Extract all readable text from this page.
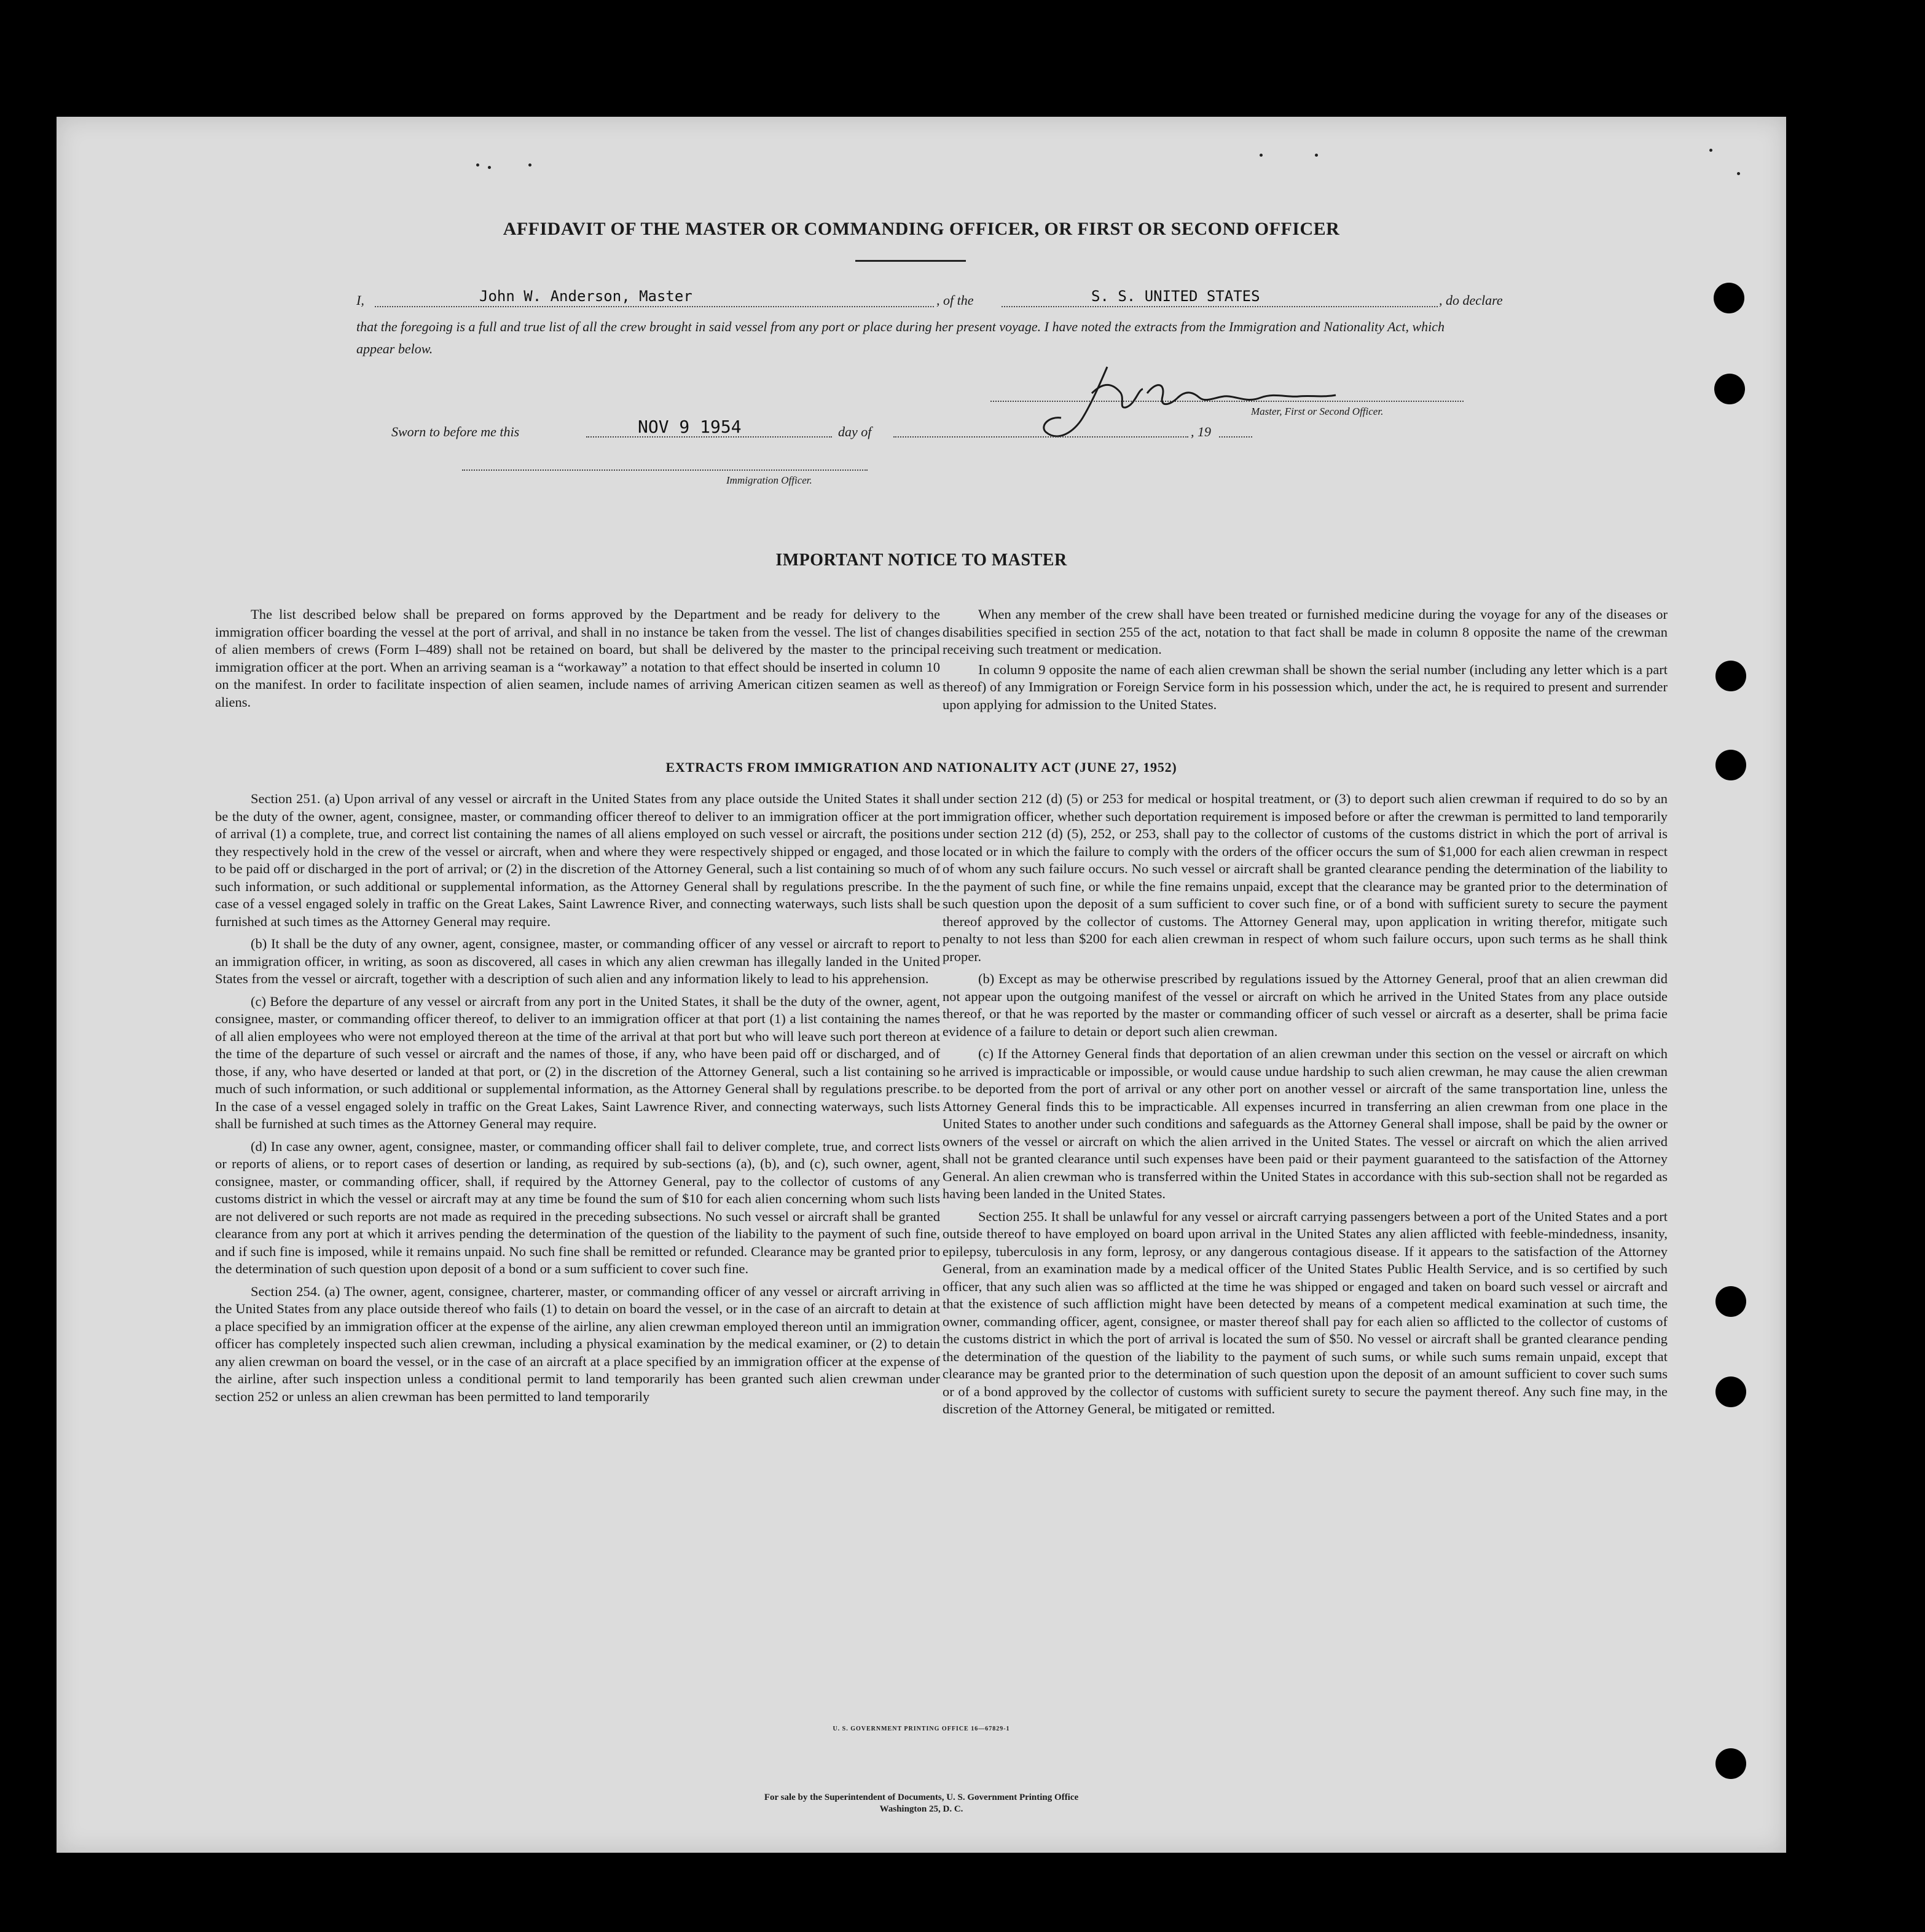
AFFIDAVIT OF THE MASTER OR COMMANDING OFFICER, OR FIRST OR SECOND OFFICER
I,	John W. Anderson, Master	, of the	S. S. UNITED STATES	, do declare
that the foregoing is a full and true list of all the crew brought in said vessel from any port or place during her present voyage. I have noted the extracts from the Immigration and Nationality Act, which appear below.
Master, First or Second Officer.
Sworn to before me this	NOV 9 1954	day of	, 19
Immigration Officer.
IMPORTANT NOTICE TO MASTER

The list described below shall be prepared on forms approved by the Department and be ready for delivery to the immigration officer boarding the vessel at the port of arrival, and shall in no instance be taken from the vessel. The list of changes of alien members of crews (Form I–489) shall not be retained on board, but shall be delivered by the master to the principal immigration officer at the port. When an arriving seaman is a “workaway” a notation to that effect should be inserted in column 10 on the manifest. In order to facilitate inspection of alien seamen, include names of arriving American citizen seamen as well as aliens.

When any member of the crew shall have been treated or furnished medicine during the voyage for any of the diseases or disabilities specified in section 255 of the act, notation to that fact shall be made in column 8 opposite the name of the crewman receiving such treatment or medication.

In column 9 opposite the name of each alien crewman shall be shown the serial number (including any letter which is a part thereof) of any Immigration or Foreign Service form in his possession which, under the act, he is required to present and surrender upon applying for admission to the United States.

EXTRACTS FROM IMMIGRATION AND NATIONALITY ACT (JUNE 27, 1952)

Section 251. (a) Upon arrival of any vessel or aircraft in the United States from any place outside the United States it shall be the duty of the owner, agent, consignee, master, or commanding officer thereof to deliver to an immigration officer at the port of arrival (1) a complete, true, and correct list containing the names of all aliens employed on such vessel or aircraft, the positions they respectively hold in the crew of the vessel or aircraft, when and where they were respectively shipped or engaged, and those to be paid off or discharged in the port of arrival; or (2) in the discretion of the Attorney General, such a list containing so much of such information, or such additional or supplemental information, as the Attorney General shall by regulations prescribe. In the case of a vessel engaged solely in traffic on the Great Lakes, Saint Lawrence River, and connecting waterways, such lists shall be furnished at such times as the Attorney General may require.

(b) It shall be the duty of any owner, agent, consignee, master, or commanding officer of any vessel or aircraft to report to an immigration officer, in writing, as soon as discovered, all cases in which any alien crewman has illegally landed in the United States from the vessel or aircraft, together with a description of such alien and any information likely to lead to his apprehension.

(c) Before the departure of any vessel or aircraft from any port in the United States, it shall be the duty of the owner, agent, consignee, master, or commanding officer thereof, to deliver to an immigration officer at that port (1) a list containing the names of all alien employees who were not employed thereon at the time of the arrival at that port but who will leave such port thereon at the time of the departure of such vessel or aircraft and the names of those, if any, who have been paid off or discharged, and of those, if any, who have deserted or landed at that port, or (2) in the discretion of the Attorney General, such a list containing so much of such information, or such additional or supplemental information, as the Attorney General shall by regulations prescribe. In the case of a vessel engaged solely in traffic on the Great Lakes, Saint Lawrence River, and connecting waterways, such lists shall be furnished at such times as the Attorney General may require.

(d) In case any owner, agent, consignee, master, or commanding officer shall fail to deliver complete, true, and correct lists or reports of aliens, or to report cases of desertion or landing, as required by sub-sections (a), (b), and (c), such owner, agent, consignee, master, or commanding officer, shall, if required by the Attorney General, pay to the collector of customs of any customs district in which the vessel or aircraft may at any time be found the sum of $10 for each alien concerning whom such lists are not delivered or such reports are not made as required in the preceding subsections. No such vessel or aircraft shall be granted clearance from any port at which it arrives pending the determination of the question of the liability to the payment of such fine, and if such fine is imposed, while it remains unpaid. No such fine shall be remitted or refunded. Clearance may be granted prior to the determination of such question upon deposit of a bond or a sum sufficient to cover such fine.

Section 254. (a) The owner, agent, consignee, charterer, master, or commanding officer of any vessel or aircraft arriving in the United States from any place outside thereof who fails (1) to detain on board the vessel, or in the case of an aircraft to detain at a place specified by an immigration officer at the expense of the airline, any alien crewman employed thereon until an immigration officer has completely inspected such alien crewman, including a physical examination by the medical examiner, or (2) to detain any alien crewman on board the vessel, or in the case of an aircraft at a place specified by an immigration officer at the expense of the airline, after such inspection unless a conditional permit to land temporarily has been granted such alien crewman under section 252 or unless an alien crewman has been permitted to land temporarily

under section 212 (d) (5) or 253 for medical or hospital treatment, or (3) to deport such alien crewman if required to do so by an immigration officer, whether such deportation requirement is imposed before or after the crewman is permitted to land temporarily under section 212 (d) (5), 252, or 253, shall pay to the collector of customs of the customs district in which the port of arrival is located or in which the failure to comply with the orders of the officer occurs the sum of $1,000 for each alien crewman in respect of whom any such failure occurs. No such vessel or aircraft shall be granted clearance pending the determination of the liability to the payment of such fine, or while the fine remains unpaid, except that the clearance may be granted prior to the determination of such question upon the deposit of a sum sufficient to cover such fine, or of a bond with sufficient surety to secure the payment thereof approved by the collector of customs. The Attorney General may, upon application in writing therefor, mitigate such penalty to not less than $200 for each alien crewman in respect of whom such failure occurs, upon such terms as he shall think proper.

(b) Except as may be otherwise prescribed by regulations issued by the Attorney General, proof that an alien crewman did not appear upon the outgoing manifest of the vessel or aircraft on which he arrived in the United States from any place outside thereof, or that he was reported by the master or commanding officer of such vessel or aircraft as a deserter, shall be prima facie evidence of a failure to detain or deport such alien crewman.

(c) If the Attorney General finds that deportation of an alien crewman under this section on the vessel or aircraft on which he arrived is impracticable or impossible, or would cause undue hardship to such alien crewman, he may cause the alien crewman to be deported from the port of arrival or any other port on another vessel or aircraft of the same transportation line, unless the Attorney General finds this to be impracticable. All expenses incurred in transferring an alien crewman from one place in the United States to another under such conditions and safeguards as the Attorney General shall impose, shall be paid by the owner or owners of the vessel or aircraft on which the alien arrived in the United States. The vessel or aircraft on which the alien arrived shall not be granted clearance until such expenses have been paid or their payment guaranteed to the satisfaction of the Attorney General. An alien crewman who is transferred within the United States in accordance with this sub-section shall not be regarded as having been landed in the United States.

Section 255. It shall be unlawful for any vessel or aircraft carrying passengers between a port of the United States and a port outside thereof to have employed on board upon arrival in the United States any alien afflicted with feeble-mindedness, insanity, epilepsy, tuberculosis in any form, leprosy, or any dangerous contagious disease. If it appears to the satisfaction of the Attorney General, from an examination made by a medical officer of the United States Public Health Service, and is so certified by such officer, that any such alien was so afflicted at the time he was shipped or engaged and taken on board such vessel or aircraft and that the existence of such affliction might have been detected by means of a competent medical examination at such time, the owner, commanding officer, agent, consignee, or master thereof shall pay for each alien so afflicted to the collector of customs of the customs district in which the port of arrival is located the sum of $50. No vessel or aircraft shall be granted clearance pending the determination of the question of the liability to the payment of such sums, or while such sums remain unpaid, except that clearance may be granted prior to the determination of such question upon the deposit of an amount sufficient to cover such sums or of a bond approved by the collector of customs with sufficient surety to secure the payment thereof. Any such fine may, in the discretion of the Attorney General, be mitigated or remitted.

U. S. GOVERNMENT PRINTING OFFICE 16—67829-1
For sale by the Superintendent of Documents, U. S. Government Printing Office
Washington 25, D. C.
